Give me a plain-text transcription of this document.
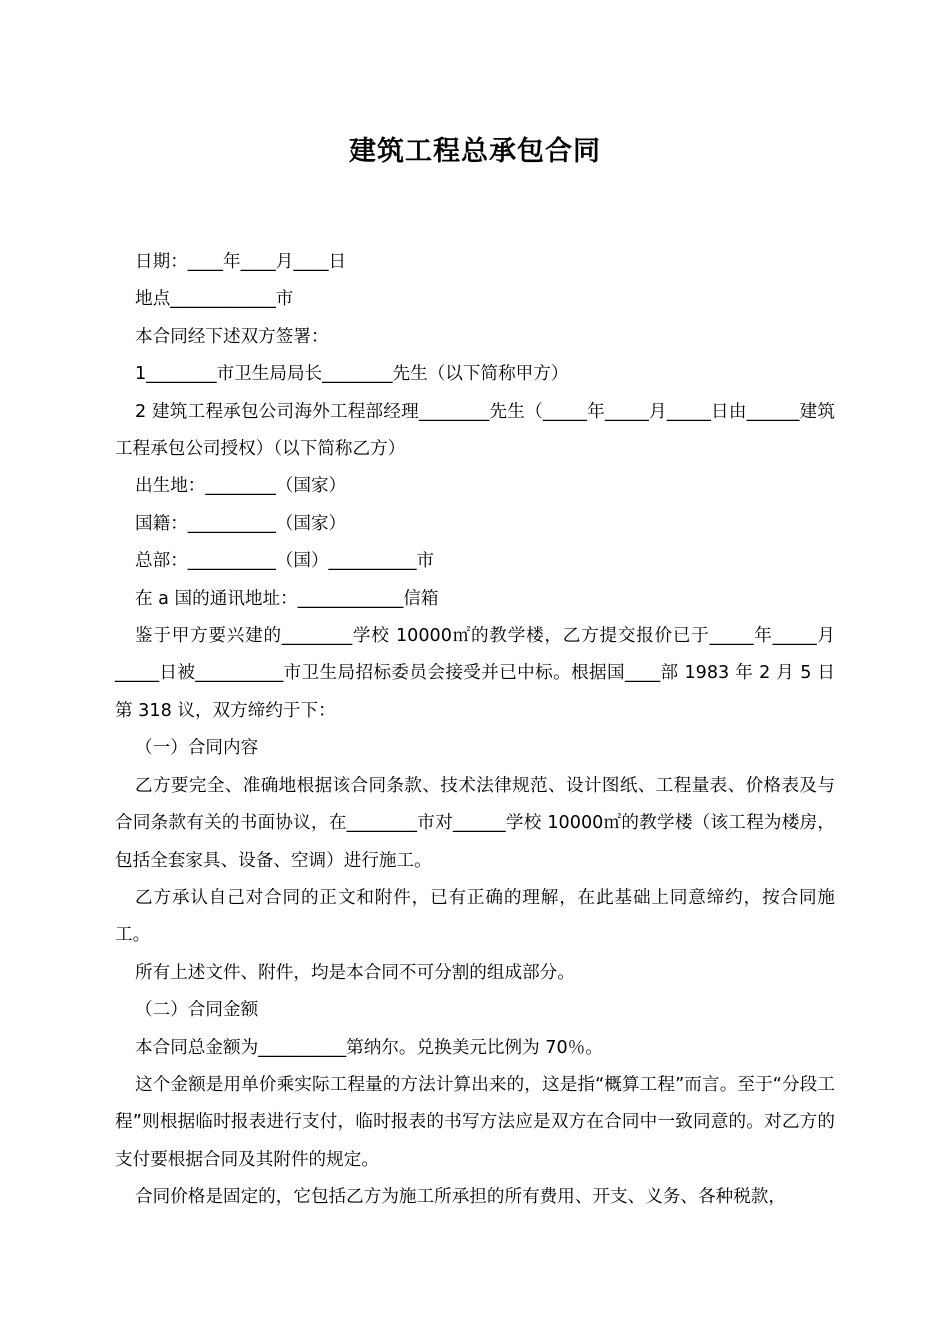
建筑工程总承包合同

日期：____年____月____日

地点____________市

本合同经下述双方签署：

1________市卫生局局长________先生（以下简称甲方）

2 建筑工程承包公司海外工程部经理________先生（_____年_____月_____日由______建筑工程承包公司授权）（以下简称乙方）

出生地：________（国家）

国籍：__________（国家）

总部：__________（国）__________市

在 a 国的通讯地址：____________信箱

鉴于甲方要兴建的________学校 10000㎡的教学楼，乙方提交报价已于_____年_____月_____日被__________市卫生局招标委员会接受并已中标。根据国____部 1983 年 2 月 5 日第 318 议，双方缔约于下：

（一）合同内容

乙方要完全、准确地根据该合同条款、技术法律规范、设计图纸、工程量表、价格表及与合同条款有关的书面协议，在________市对______学校 10000㎡的教学楼（该工程为楼房，包括全套家具、设备、空调）进行施工。

乙方承认自己对合同的正文和附件，已有正确的理解，在此基础上同意缔约，按合同施工。

所有上述文件、附件，均是本合同不可分割的组成部分。

（二）合同金额

本合同总金额为__________第纳尔。兑换美元比例为 70％。

这个金额是用单价乘实际工程量的方法计算出来的，这是指“概算工程”而言。至于“分段工程”则根据临时报表进行支付，临时报表的书写方法应是双方在合同中一致同意的。对乙方的支付要根据合同及其附件的规定。

合同价格是固定的，它包括乙方为施工所承担的所有费用、开支、义务、各种税款，
